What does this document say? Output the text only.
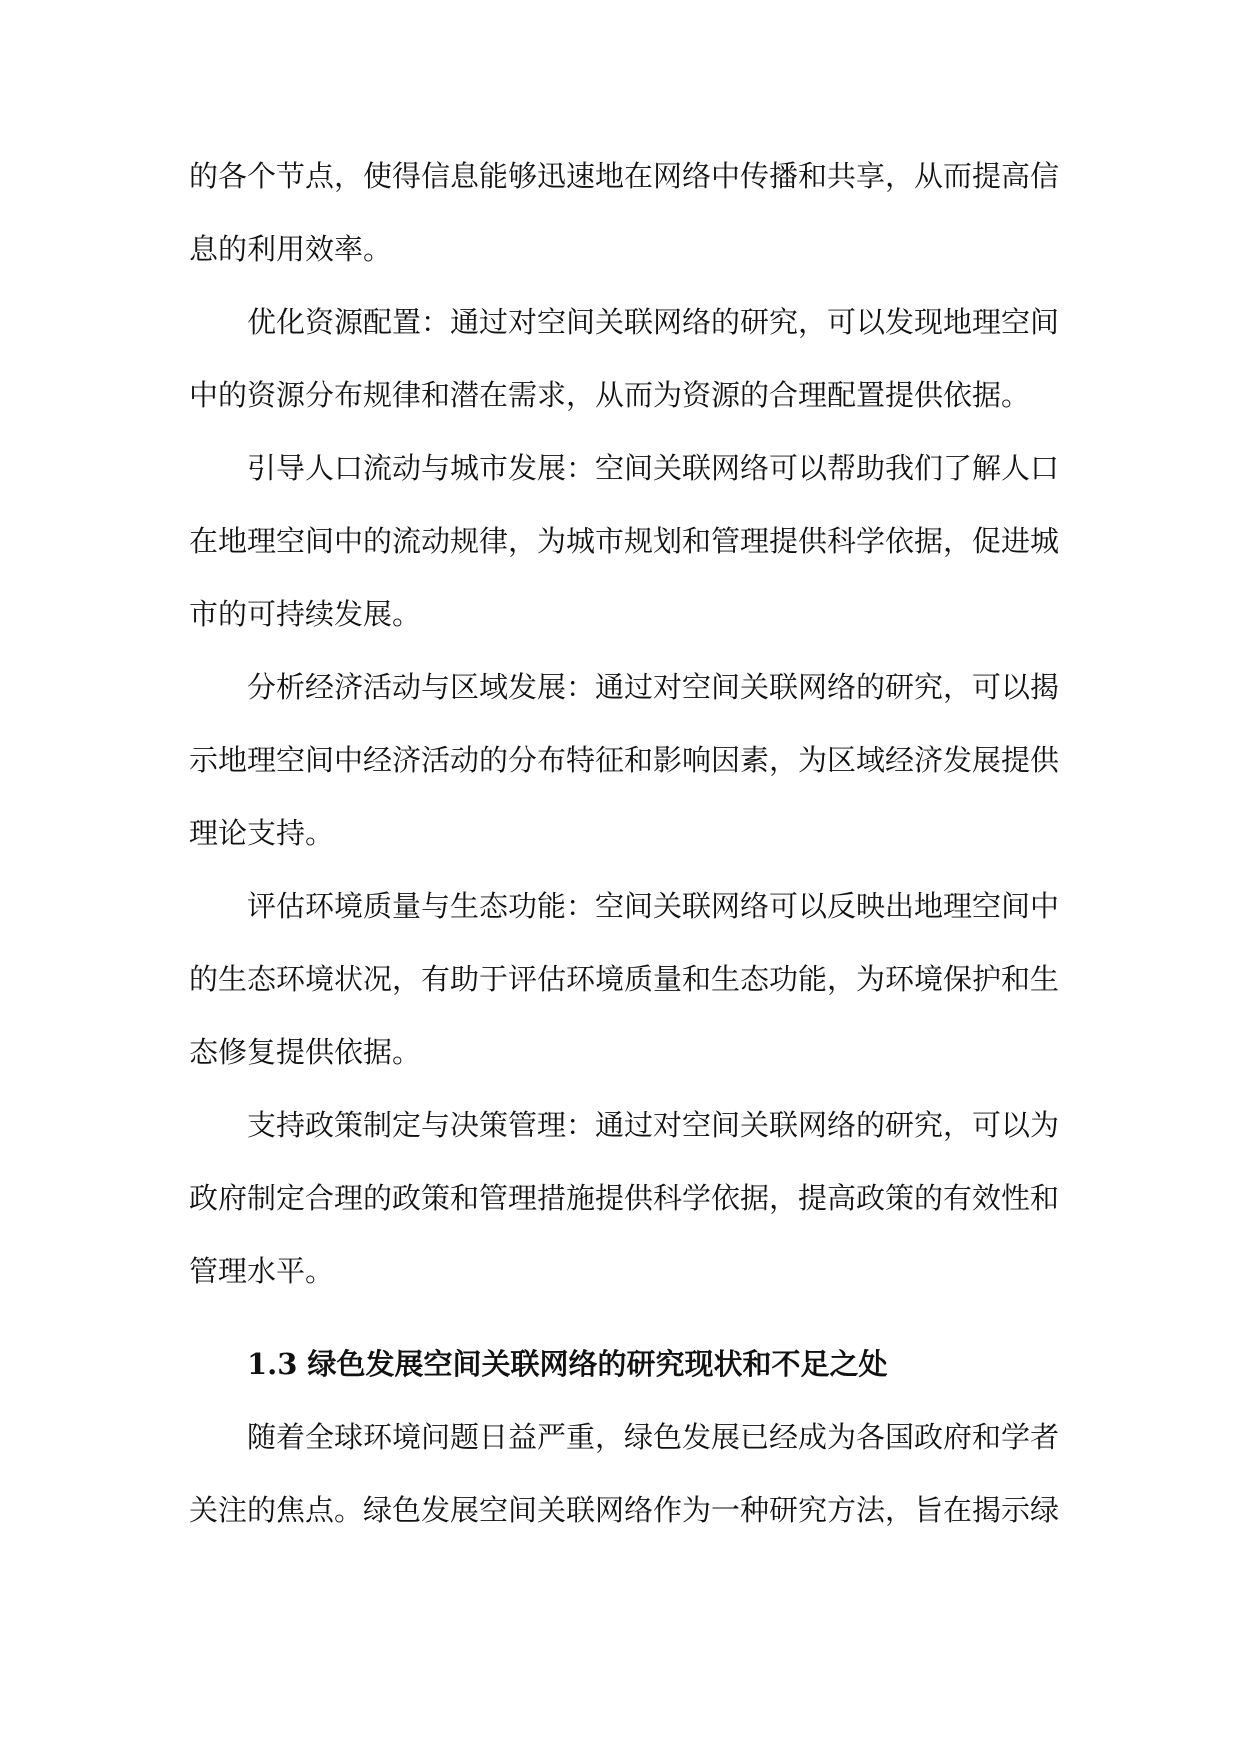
的各个节点，使得信息能够迅速地在网络中传播和共享，从而提高信
息的利用效率。
优化资源配置：通过对空间关联网络的研究，可以发现地理空间
中的资源分布规律和潜在需求，从而为资源的合理配置提供依据。
引导人口流动与城市发展：空间关联网络可以帮助我们了解人口
在地理空间中的流动规律，为城市规划和管理提供科学依据，促进城
市的可持续发展。
分析经济活动与区域发展：通过对空间关联网络的研究，可以揭
示地理空间中经济活动的分布特征和影响因素，为区域经济发展提供
理论支持。
评估环境质量与生态功能：空间关联网络可以反映出地理空间中
的生态环境状况，有助于评估环境质量和生态功能，为环境保护和生
态修复提供依据。
支持政策制定与决策管理：通过对空间关联网络的研究，可以为
政府制定合理的政策和管理措施提供科学依据，提高政策的有效性和
管理水平。
1.3 绿色发展空间关联网络的研究现状和不足之处
随着全球环境问题日益严重，绿色发展已经成为各国政府和学者
关注的焦点。绿色发展空间关联网络作为一种研究方法，旨在揭示绿
